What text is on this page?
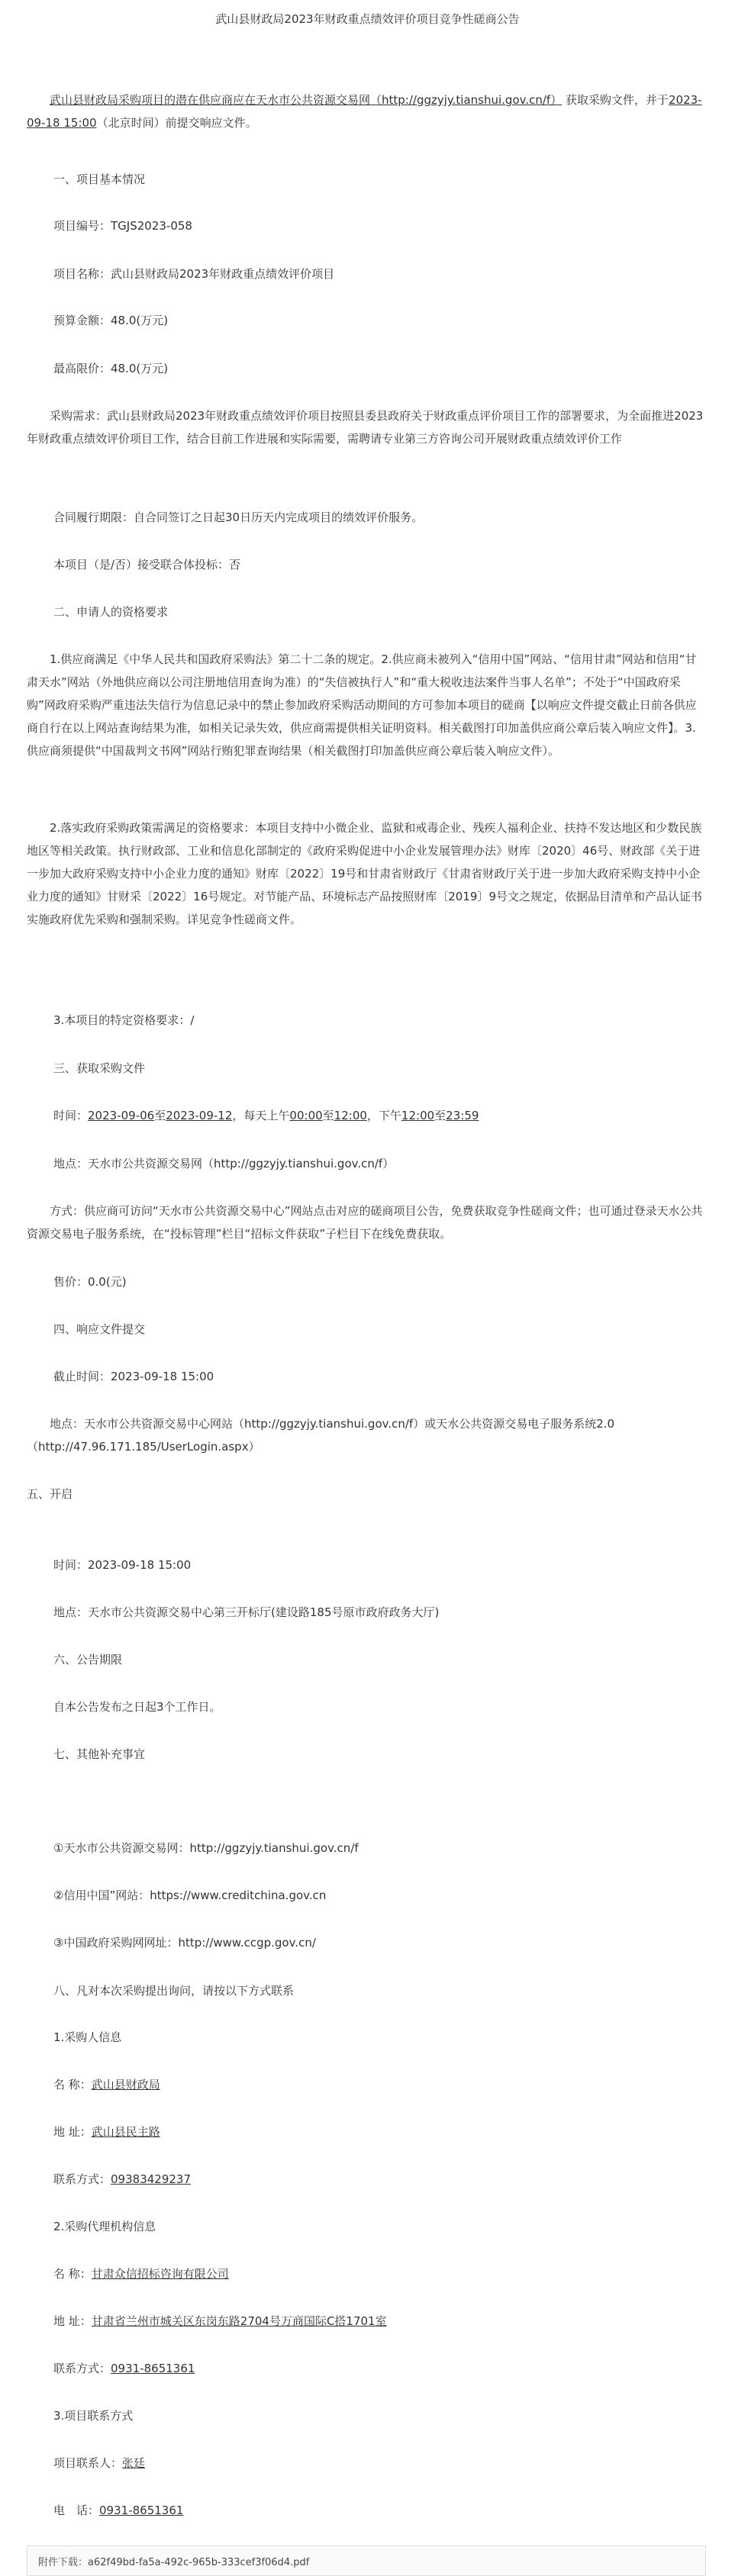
武山县财政局2023年财政重点绩效评价项目竞争性磋商公告
武山县财政局采购项目的潜在供应商应在天水市公共资源交易网（http://ggzyjy.tianshui.gov.cn/f） 获取采购文件，并于2023-09-18 15:00（北京时间）前提交响应文件。
一、项目基本情况
项目编号：TGJS2023-058
项目名称：武山县财政局2023年财政重点绩效评价项目
预算金额：48.0(万元)
最高限价：48.0(万元)
采购需求：武山县财政局2023年财政重点绩效评价项目按照县委县政府关于财政重点评价项目工作的部署要求，为全面推进2023年财政重点绩效评价项目工作，结合目前工作进展和实际需要，需聘请专业第三方咨询公司开展财政重点绩效评价工作
合同履行期限：自合同签订之日起30日历天内完成项目的绩效评价服务。
本项目（是/否）接受联合体投标：否
二、申请人的资格要求
1.供应商满足《中华人民共和国政府采购法》第二十二条的规定。2.供应商未被列入“信用中国”网站、“信用甘肃”网站和信用“甘肃天水”网站（外地供应商以公司注册地信用查询为准）的“失信被执行人”和“重大税收违法案件当事人名单”；不处于“中国政府采购”网政府采购严重违法失信行为信息记录中的禁止参加政府采购活动期间的方可参加本项目的磋商【以响应文件提交截止日前各供应商自行在以上网站查询结果为准，如相关记录失效，供应商需提供相关证明资料。相关截图打印加盖供应商公章后装入响应文件】。3.供应商须提供“中国裁判文书网”网站行贿犯罪查询结果（相关截图打印加盖供应商公章后装入响应文件）。
2.落实政府采购政策需满足的资格要求：本项目支持中小微企业、监狱和戒毒企业、残疾人福利企业、扶持不发达地区和少数民族地区等相关政策。执行财政部、工业和信息化部制定的《政府采购促进中小企业发展管理办法》财库〔2020〕46号、财政部《关于进一步加大政府采购支持中小企业力度的通知》财库〔2022〕19号和甘肃省财政厅《甘肃省财政厅关于进一步加大政府采购支持中小企业力度的通知》甘财采〔2022〕16号规定。对节能产品、环境标志产品按照财库〔2019〕9号文之规定，依据品目清单和产品认证书实施政府优先采购和强制采购。详见竞争性磋商文件。
3.本项目的特定资格要求：/
三、获取采购文件
时间：2023-09-06至2023-09-12，每天上午00:00至12:00，下午12:00至23:59
地点：天水市公共资源交易网（http://ggzyjy.tianshui.gov.cn/f）
方式：供应商可访问“天水市公共资源交易中心”网站点击对应的磋商项目公告，免费获取竞争性磋商文件；也可通过登录天水公共资源交易电子服务系统，在“投标管理”栏目“招标文件获取”子栏目下在线免费获取。
售价：0.0(元)
四、响应文件提交
截止时间：2023-09-18 15:00
地点：天水市公共资源交易中心网站（http://ggzyjy.tianshui.gov.cn/f）或天水公共资源交易电子服务系统2.0（http://47.96.171.185/UserLogin.aspx）
五、开启
时间：2023-09-18 15:00
地点：天水市公共资源交易中心第三开标厅(建设路185号原市政府政务大厅)
六、公告期限
自本公告发布之日起3个工作日。
七、其他补充事宜
①天水市公共资源交易网：http://ggzyjy.tianshui.gov.cn/f
②信用中国”网站：https://www.creditchina.gov.cn
③中国政府采购网网址：http://www.ccgp.gov.cn/
八、凡对本次采购提出询问，请按以下方式联系
1.采购人信息
名 称：武山县财政局
地 址：武山县民主路
联系方式：09383429237
2.采购代理机构信息
名 称：甘肃众信招标咨询有限公司
地 址：甘肃省兰州市城关区东岗东路2704号万商国际C搭1701室
联系方式：0931-8651361
3.项目联系方式
项目联系人：张廷
电　话：0931-8651361
附件下载：a62f49bd-fa5a-492c-965b-333cef3f06d4.pdf
